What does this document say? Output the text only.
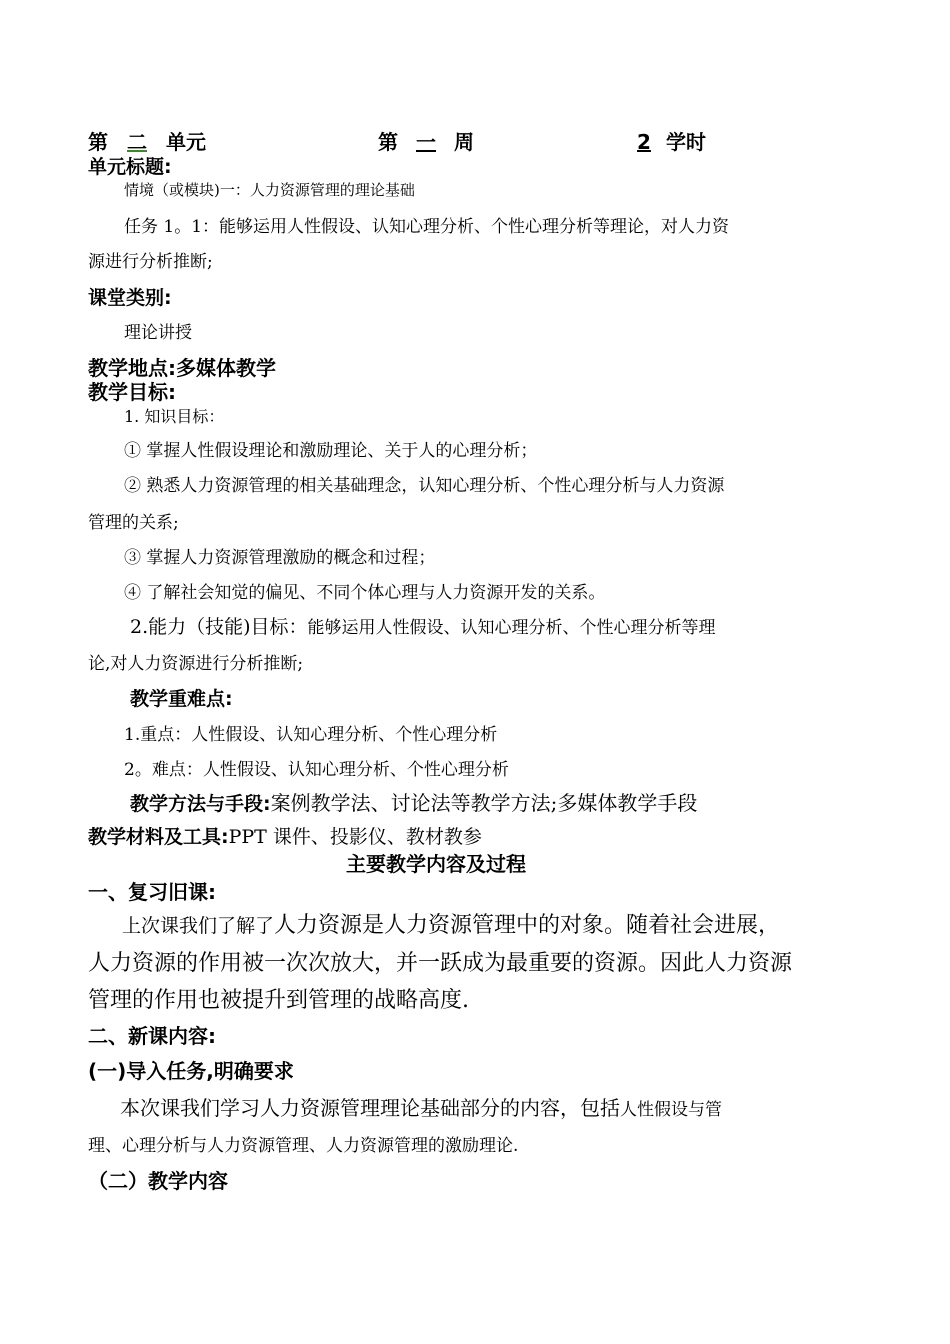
第 二 单元	第 一 周	2 学时
单元标题:
情境（或模块)一：人力资源管理的理论基础
任务 1。1：能够运用人性假设、认知心理分析、个性心理分析等理论，对人力资
源进行分析推断;
课堂类别:
理论讲授
教学地点:多媒体教学
教学目标:
1. 知识目标：
① 掌握人性假设理论和激励理论、关于人的心理分析；
② 熟悉人力资源管理的相关基础理念，认知心理分析、个性心理分析与人力资源
管理的关系;
③ 掌握人力资源管理激励的概念和过程；
④ 了解社会知觉的偏见、不同个体心理与人力资源开发的关系。
2.能力（技能)目标：能够运用人性假设、认知心理分析、个性心理分析等理
论,对人力资源进行分析推断;
教学重难点:
1.重点：人性假设、认知心理分析、个性心理分析
2。难点：人性假设、认知心理分析、个性心理分析
教学方法与手段:案例教学法、讨论法等教学方法;多媒体教学手段
教学材料及工具:PPT 课件、投影仪、教材教参
主要教学内容及过程
一、复习旧课:
上次课我们了解了人力资源是人力资源管理中的对象。随着社会进展，
人力资源的作用被一次次放大，并一跃成为最重要的资源。因此人力资源
管理的作用也被提升到管理的战略高度.
二、新课内容:
(一)导入任务,明确要求
本次课我们学习人力资源管理理论基础部分的内容，包括人性假设与管
理、心理分析与人力资源管理、人力资源管理的激励理论.
（二）教学内容
